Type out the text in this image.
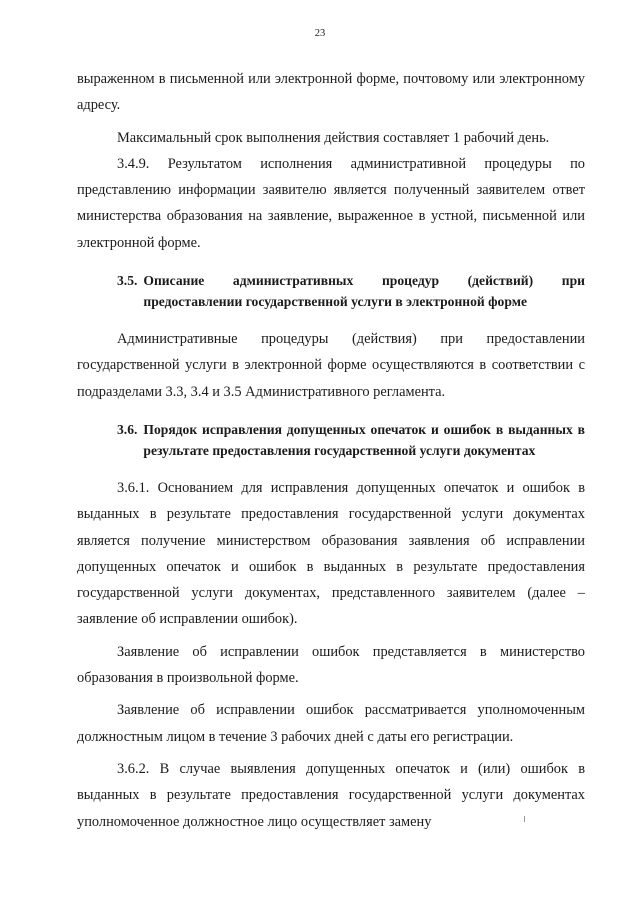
23

выраженном в письменной или электронной форме, почтовому или электронному адресу.

Максимальный срок выполнения действия составляет 1 рабочий день.

3.4.9. Результатом исполнения административной процедуры по представлению информации заявителю является полученный заявителем ответ министерства образования на заявление, выраженное в устной, письменной или электронной форме.

3.5. Описание административных процедур (действий) при предоставлении государственной услуги в электронной форме

Административные процедуры (действия) при предоставлении государственной услуги в электронной форме осуществляются в соответствии с подразделами 3.3, 3.4 и 3.5 Административного регламента.

3.6. Порядок исправления допущенных опечаток и ошибок в выданных в результате предоставления государственной услуги документах

3.6.1. Основанием для исправления допущенных опечаток и ошибок в выданных в результате предоставления государственной услуги документах является получение министерством образования заявления об исправлении допущенных опечаток и ошибок в выданных в результате предоставления государственной услуги документах, представленного заявителем (далее – заявление об исправлении ошибок).

Заявление об исправлении ошибок представляется в министерство образования в произвольной форме.

Заявление об исправлении ошибок рассматривается уполномоченным должностным лицом в течение 3 рабочих дней с даты его регистрации.

3.6.2. В случае выявления допущенных опечаток и (или) ошибок в выданных в результате предоставления государственной услуги документах уполномоченное должностное лицо осуществляет замену
